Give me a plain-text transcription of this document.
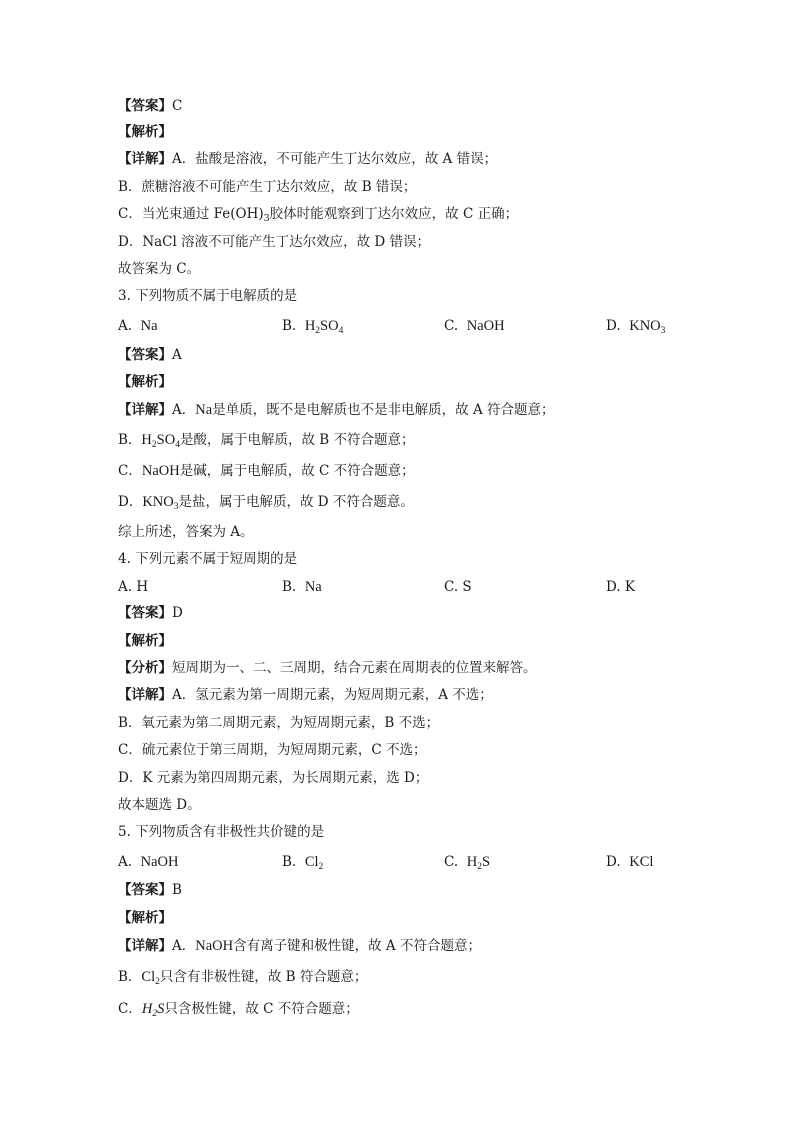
【答案】C
【解析】
【详解】A．盐酸是溶液，不可能产生丁达尔效应，故 A 错误；
B．蔗糖溶液不可能产生丁达尔效应，故 B 错误；
C．当光束通过 $Fe(OH)_3$胶体时能观察到丁达尔效应，故 C 正确；
D．NaCl 溶液不可能产生丁达尔效应，故 D 错误；
故答案为 C。
3. 下列物质不属于电解质的是
A. Na	B. $H_2SO_4$	C. NaOH	D. $KNO_3$
【答案】A
【解析】
【详解】A．Na是单质，既不是电解质也不是非电解质，故 A 符合题意；
B．$H_2SO_4$是酸，属于电解质，故 B 不符合题意；
C．NaOH是碱，属于电解质，故 C 不符合题意；
D．$KNO_3$是盐，属于电解质，故 D 不符合题意。
综上所述，答案为 A。
4. 下列元素不属于短周期的是
A. H	B. Na	C. S	D. K
【答案】D
【解析】
【分析】短周期为一、二、三周期，结合元素在周期表的位置来解答。
【详解】A．氢元素为第一周期元素，为短周期元素，A 不选；
B．氧元素为第二周期元素，为短周期元素，B 不选；
C．硫元素位于第三周期，为短周期元素，C 不选；
D．K 元素为第四周期元素，为长周期元素，选 D；
故本题选 D。
5. 下列物质含有非极性共价键的是
A. NaOH	B. $Cl_2$	C. $H_2S$	D. KCl
【答案】B
【解析】
【详解】A．NaOH含有离子键和极性键，故 A 不符合题意；
B．$Cl_2$只含有非极性键，故 B 符合题意；
C．$H_2S$只含极性键，故 C 不符合题意；
